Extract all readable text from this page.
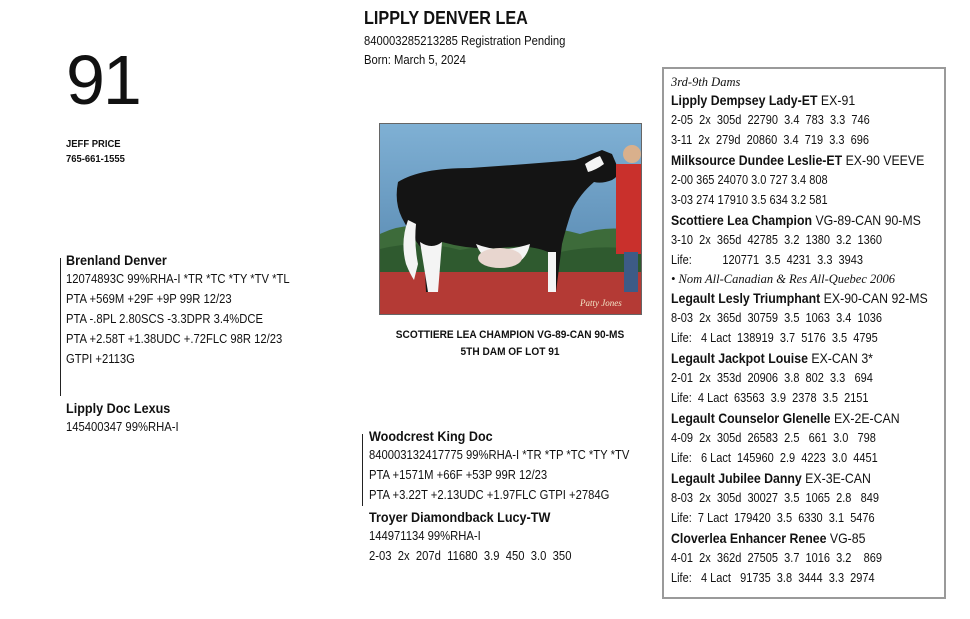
91
JEFF PRICE
765-661-1555
LIPPLY DENVER LEA
840003285213285 Registration Pending
Born: March 5, 2024
Patty Jones
SCOTTIERE LEA CHAMPION VG-89-CAN 90-MS
5TH DAM OF LOT 91
Brenland Denver
12074893C 99%RHA-I *TR *TC *TY *TV *TL
PTA +569M +29F +9P 99R 12/23
PTA -.8PL 2.80SCS -3.3DPR 3.4%DCE
PTA +2.58T +1.38UDC +.72FLC 98R 12/23
GTPI +2113G
Lipply Doc Lexus
145400347 99%RHA-I
Woodcrest King Doc
840003132417775 99%RHA-I *TR *TP *TC *TY *TV
PTA +1571M +66F +53P 99R 12/23
PTA +3.22T +2.13UDC +1.97FLC GTPI +2784G
Troyer Diamondback Lucy-TW
144971134 99%RHA-I
2-03  2x  207d  11680  3.9  450  3.0  350
3rd-9th Dams
Lipply Dempsey Lady-ET EX-91
2-05  2x  305d  22790  3.4  783  3.3  746
3-11  2x  279d  20860  3.4  719  3.3  696
Milksource Dundee Leslie-ET EX-90 VEEVE
2-00 365 24070 3.0 727 3.4 808
3-03 274 17910 3.5 634 3.2 581
Scottiere Lea Champion VG-89-CAN 90-MS
3-10  2x  365d  42785  3.2  1380  3.2  1360
Life:          120771  3.5  4231  3.3  3943
• Nom All-Canadian & Res All-Quebec 2006
Legault Lesly Triumphant EX-90-CAN 92-MS
8-03  2x  365d  30759  3.5  1063  3.4  1036
Life:   4 Lact  138919  3.7  5176  3.5  4795
Legault Jackpot Louise EX-CAN 3*
2-01  2x  353d  20906  3.8  802  3.3   694
Life:  4 Lact  63563  3.9  2378  3.5  2151
Legault Counselor Glenelle EX-2E-CAN
4-09  2x  305d  26583  2.5   661  3.0   798
Life:   6 Lact  145960  2.9  4223  3.0  4451
Legault Jubilee Danny EX-3E-CAN
8-03  2x  305d  30027  3.5  1065  2.8   849
Life:  7 Lact  179420  3.5  6330  3.1  5476
Cloverlea Enhancer Renee VG-85
4-01  2x  362d  27505  3.7  1016  3.2    869
Life:   4 Lact   91735  3.8  3444  3.3  2974
